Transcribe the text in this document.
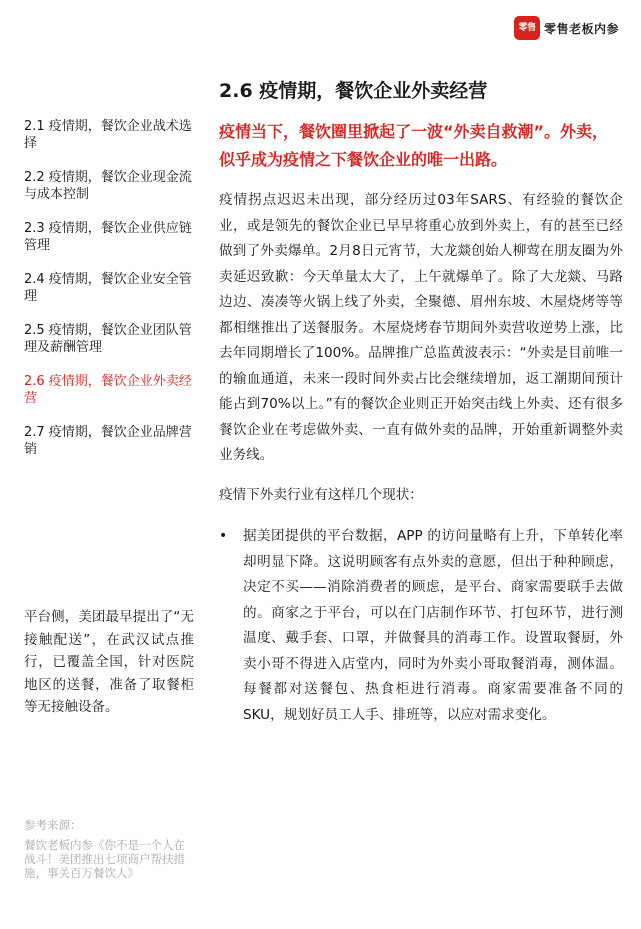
零售 零售老板内参
2.1 疫情期，餐饮企业战术选择
2.2 疫情期，餐饮企业现金流与成本控制
2.3 疫情期，餐饮企业供应链管理
2.4 疫情期，餐饮企业安全管理
2.5 疫情期，餐饮企业团队管理及薪酬管理
2.6 疫情期，餐饮企业外卖经营
2.7 疫情期，餐饮企业品牌营销
平台侧，美团最早提出了“无接触配送”，在武汉试点推行，已覆盖全国，针对医院地区的送餐，准备了取餐柜等无接触设备。
参考来源：
餐饮老板内参《你不是一个人在战斗！美团推出七项商户帮扶措施，事关百万餐饮人》
2.6 疫情期，餐饮企业外卖经营

疫情当下，餐饮圈里掀起了一波“外卖自救潮”。外卖，似乎成为疫情之下餐饮企业的唯一出路。

疫情拐点迟迟未出现，部分经历过03年SARS、有经验的餐饮企业，或是领先的餐饮企业已早早将重心放到外卖上，有的甚至已经做到了外卖爆单。2月8日元宵节，大龙燚创始人柳莺在朋友圈为外卖延迟致歉：今天单量太大了，上午就爆单了。除了大龙燚、马路边边、凑凑等火锅上线了外卖，全聚德、眉州东坡、木屋烧烤等等都相继推出了送餐服务。木屋烧烤春节期间外卖营收逆势上涨，比去年同期增长了100%。品牌推广总监黄波表示：“外卖是目前唯一的输血通道，未来一段时间外卖占比会继续增加，返工潮期间预计能占到70%以上。”有的餐饮企业则正开始突击线上外卖、还有很多餐饮企业在考虑做外卖、一直有做外卖的品牌，开始重新调整外卖业务线。

疫情下外卖行业有这样几个现状：

•	据美团提供的平台数据，APP 的访问量略有上升，下单转化率却明显下降。这说明顾客有点外卖的意愿，但出于种种顾虑，决定不买——消除消费者的顾虑，是平台、商家需要联手去做的。商家之于平台，可以在门店制作环节、打包环节，进行测温度、戴手套、口罩，并做餐具的消毒工作。设置取餐厨，外卖小哥不得进入店堂内，同时为外卖小哥取餐消毒，测体温。每餐都对送餐包、热食柜进行消毒。商家需要准备不同的SKU，规划好员工人手、排班等，以应对需求变化。
